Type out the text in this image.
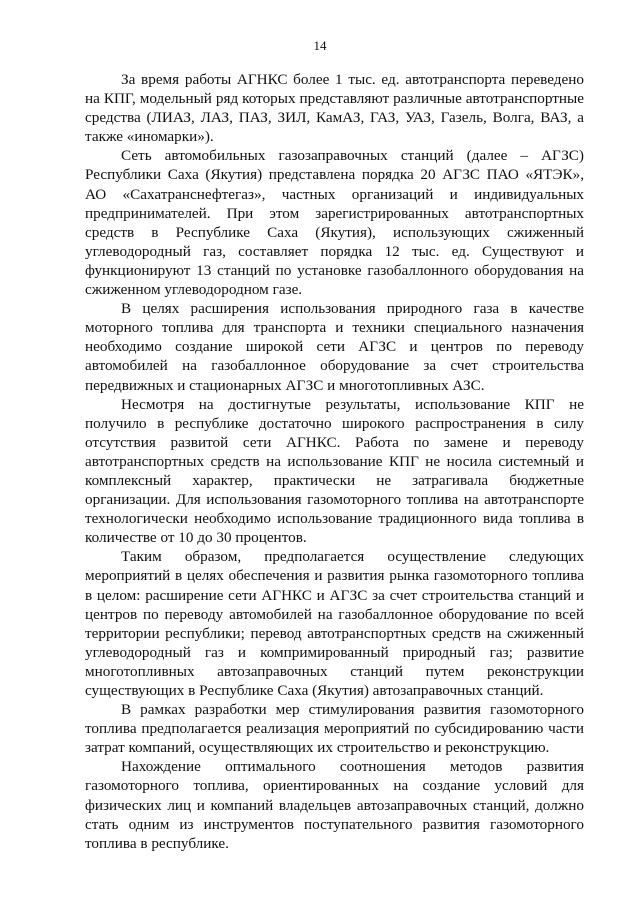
14

За время работы АГНКС более 1 тыс. ед. автотранспорта переведено на КПГ, модельный ряд которых представляют различные автотранспортные средства (ЛИАЗ, ЛАЗ, ПАЗ, ЗИЛ, КамАЗ, ГАЗ, УАЗ, Газель, Волга, ВАЗ, а также «иномарки»).

Сеть автомобильных газозаправочных станций (далее – АГЗС) Республики Саха (Якутия) представлена порядка 20 АГЗС ПАО «ЯТЭК», АО «Сахатранснефтегаз», частных организаций и индивидуальных предпринимателей. При этом зарегистрированных автотранспортных средств в Республике Саха (Якутия), использующих сжиженный углеводородный газ, составляет порядка 12 тыс. ед. Существуют и функционируют 13 станций по установке газобаллонного оборудования на сжиженном углеводородном газе.

В целях расширения использования природного газа в качестве моторного топлива для транспорта и техники специального назначения необходимо создание широкой сети АГЗС и центров по переводу автомобилей на газобаллонное оборудование за счет строительства передвижных и стационарных АГЗС и многотопливных АЗС.

Несмотря на достигнутые результаты, использование КПГ не получило в республике достаточно широкого распространения в силу отсутствия развитой сети АГНКС. Работа по замене и переводу автотранспортных средств на использование КПГ не носила системный и комплексный характер, практически не затрагивала бюджетные организации. Для использования газомоторного топлива на автотранспорте технологически необходимо использование традиционного вида топлива в количестве от 10 до 30 процентов.

Таким образом, предполагается осуществление следующих мероприятий в целях обеспечения и развития рынка газомоторного топлива в целом: расширение сети АГНКС и АГЗС за счет строительства станций и центров по переводу автомобилей на газобаллонное оборудование по всей территории республики; перевод автотранспортных средств на сжиженный углеводородный газ и компримированный природный газ; развитие многотопливных автозаправочных станций путем реконструкции существующих в Республике Саха (Якутия) автозаправочных станций.

В рамках разработки мер стимулирования развития газомоторного топлива предполагается реализация мероприятий по субсидированию части затрат компаний, осуществляющих их строительство и реконструкцию.

Нахождение оптимального соотношения методов развития газомоторного топлива, ориентированных на создание условий для физических лиц и компаний владельцев автозаправочных станций, должно стать одним из инструментов поступательного развития газомоторного топлива в республике.
